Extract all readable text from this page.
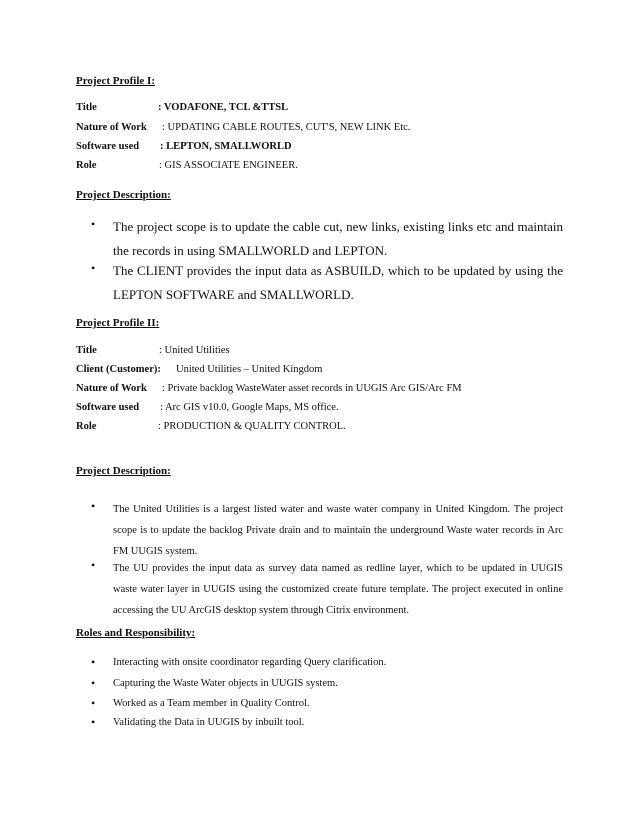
Project Profile I:
Title	: VODAFONE, TCL &TTSL
Nature of Work : UPDATING CABLE ROUTES, CUT'S, NEW LINK Etc.
Software used : LEPTON, SMALLWORLD
Role	: GIS ASSOCIATE ENGINEER.
Project Description:
• The project scope is to update the cable cut, new links, existing links etc and maintain the records in using SMALLWORLD and LEPTON.
• The CLIENT provides the input data as ASBUILD, which to be updated by using the LEPTON SOFTWARE and SMALLWORLD.
Project Profile II:
Title	: United Utilities
Client (Customer): United Utilities – United Kingdom
Nature of Work : Private backlog WasteWater asset records in UUGIS Arc GIS/Arc FM
Software used : Arc GIS v10.0, Google Maps, MS office.
Role	: PRODUCTION & QUALITY CONTROL.
Project Description:
• The United Utilities is a largest listed water and waste water company in United Kingdom. The project scope is to update the backlog Private drain and to maintain the underground Waste water records in Arc FM UUGIS system.
• The UU provides the input data as survey data named as redline layer, which to be updated in UUGIS waste water layer in UUGIS using the customized create future template. The project executed in online accessing the UU ArcGIS desktop system through Citrix environment.
Roles and Responsibility:
• Interacting with onsite coordinator regarding Query clarification.
• Capturing the Waste Water objects in UUGIS system.
• Worked as a Team member in Quality Control.
• Validating the Data in UUGIS by inbuilt tool.
